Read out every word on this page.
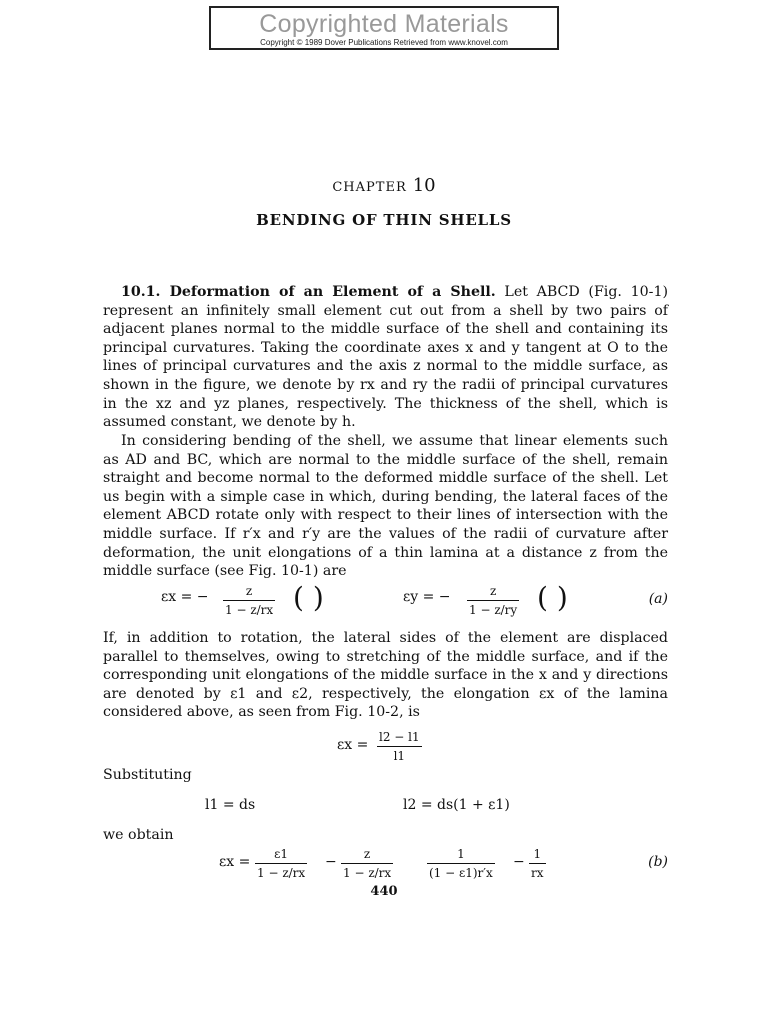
Copyrighted Materials
Copyright © 1989 Dover Publications Retrieved from www.knovel.com
CHAPTER 10
BENDING OF THIN SHELLS

10.1. Deformation of an Element of a Shell. Let ABCD (Fig. 10-1) represent an infinitely small element cut out from a shell by two pairs of adjacent planes normal to the middle surface of the shell and containing its principal curvatures. Taking the coordinate axes x and y tangent at O to the lines of principal curvatures and the axis z normal to the middle surface, as shown in the figure, we denote by rx and ry the radii of principal curvatures in the xz and yz planes, respectively. The thickness of the shell, which is assumed constant, we denote by h.

In considering bending of the shell, we assume that linear elements such as AD and BC, which are normal to the middle surface of the shell, remain straight and become normal to the deformed middle surface of the shell. Let us begin with a simple case in which, during bending, the lateral faces of the element ABCD rotate only with respect to their lines of intersection with the middle surface. If r′x and r′y are the values of the radii of curvature after deformation, the unit elongations of a thin lamina at a distance z from the middle surface (see Fig. 10-1) are

εx = − $\frac{z}{1 - z/rx}$ ( )	εy = − $\frac{z}{1 - z/ry}$ ( )	(a)

If, in addition to rotation, the lateral sides of the element are displaced parallel to themselves, owing to stretching of the middle surface, and if the corresponding unit elongations of the middle surface in the x and y directions are denoted by ε1 and ε2, respectively, the elongation εx of the lamina considered above, as seen from Fig. 10-2, is

$\varepsilon x = \frac{l2 - l1}{l1}$
Substituting
l1 = ds	l2 = ds(1 + ε1)
we obtain
$\varepsilon x = \frac{\varepsilon 1}{1 - z/rx} - \frac{z}{1 - z/rx}$	$\frac{1}{(1 - \varepsilon 1)r'x} - \frac{1}{rx}$	(b)
440
